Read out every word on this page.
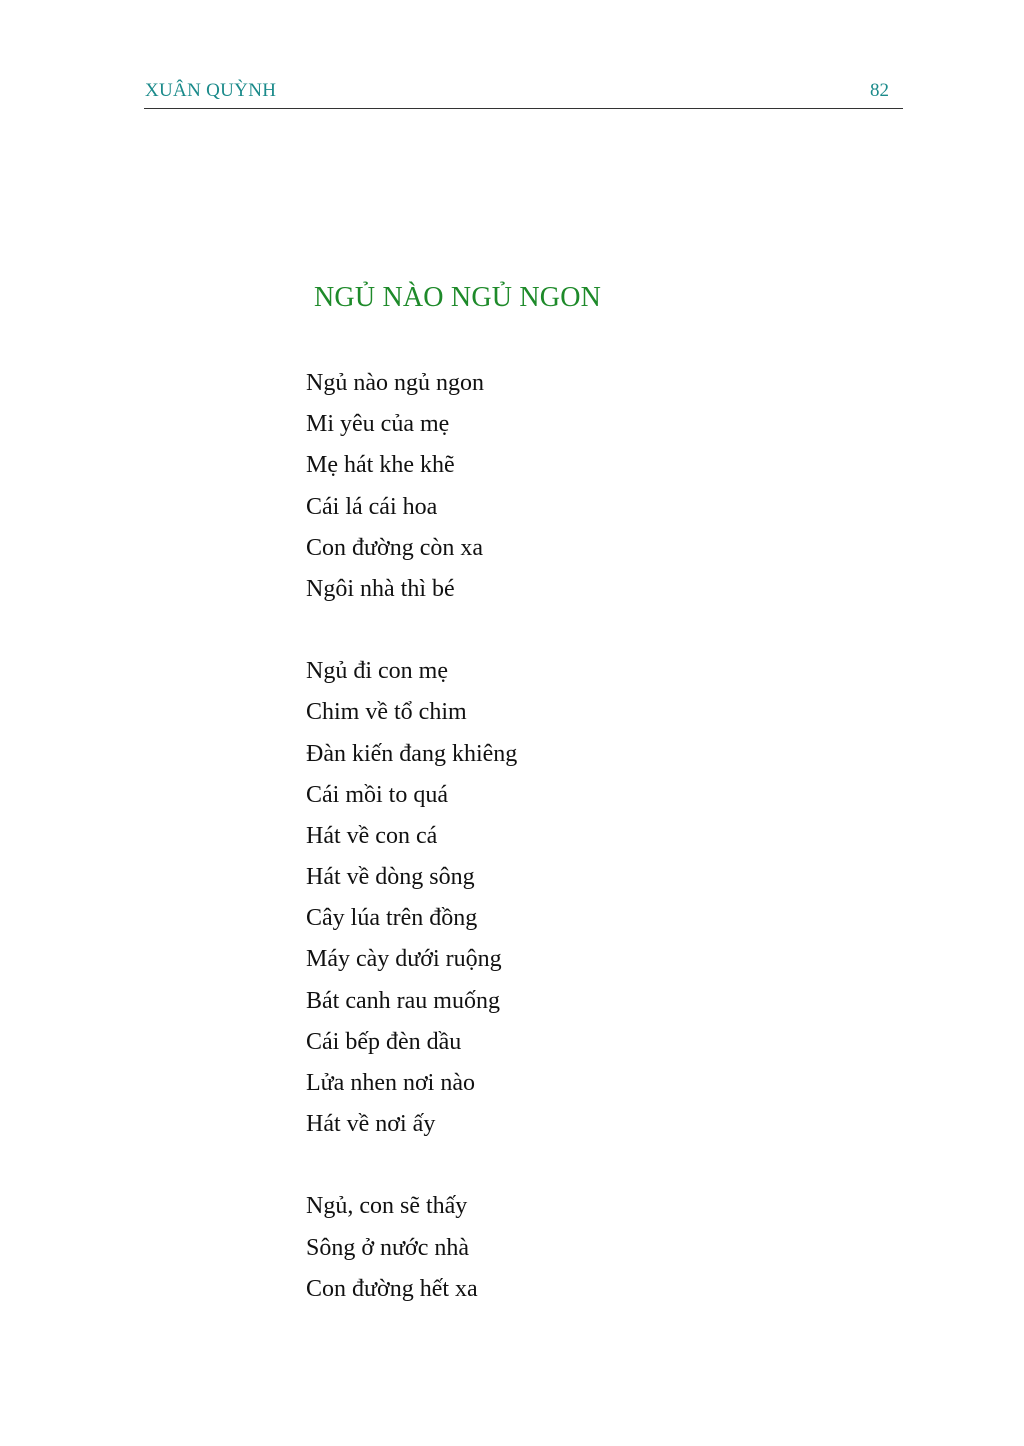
XUÂN QUỲNH	82
NGỦ NÀO NGỦ NGON
Ngủ nào ngủ ngon
Mi yêu của mẹ
Mẹ hát khe khẽ
Cái lá cái hoa
Con đường còn xa
Ngôi nhà thì bé
Ngủ đi con mẹ
Chim về tổ chim
Đàn kiến đang khiêng
Cái mồi to quá
Hát về con cá
Hát về dòng sông
Cây lúa trên đồng
Máy cày dưới ruộng
Bát canh rau muống
Cái bếp đèn dầu
Lửa nhen nơi nào
Hát về nơi ấy
Ngủ, con sẽ thấy
Sông ở nước nhà
Con đường hết xa
